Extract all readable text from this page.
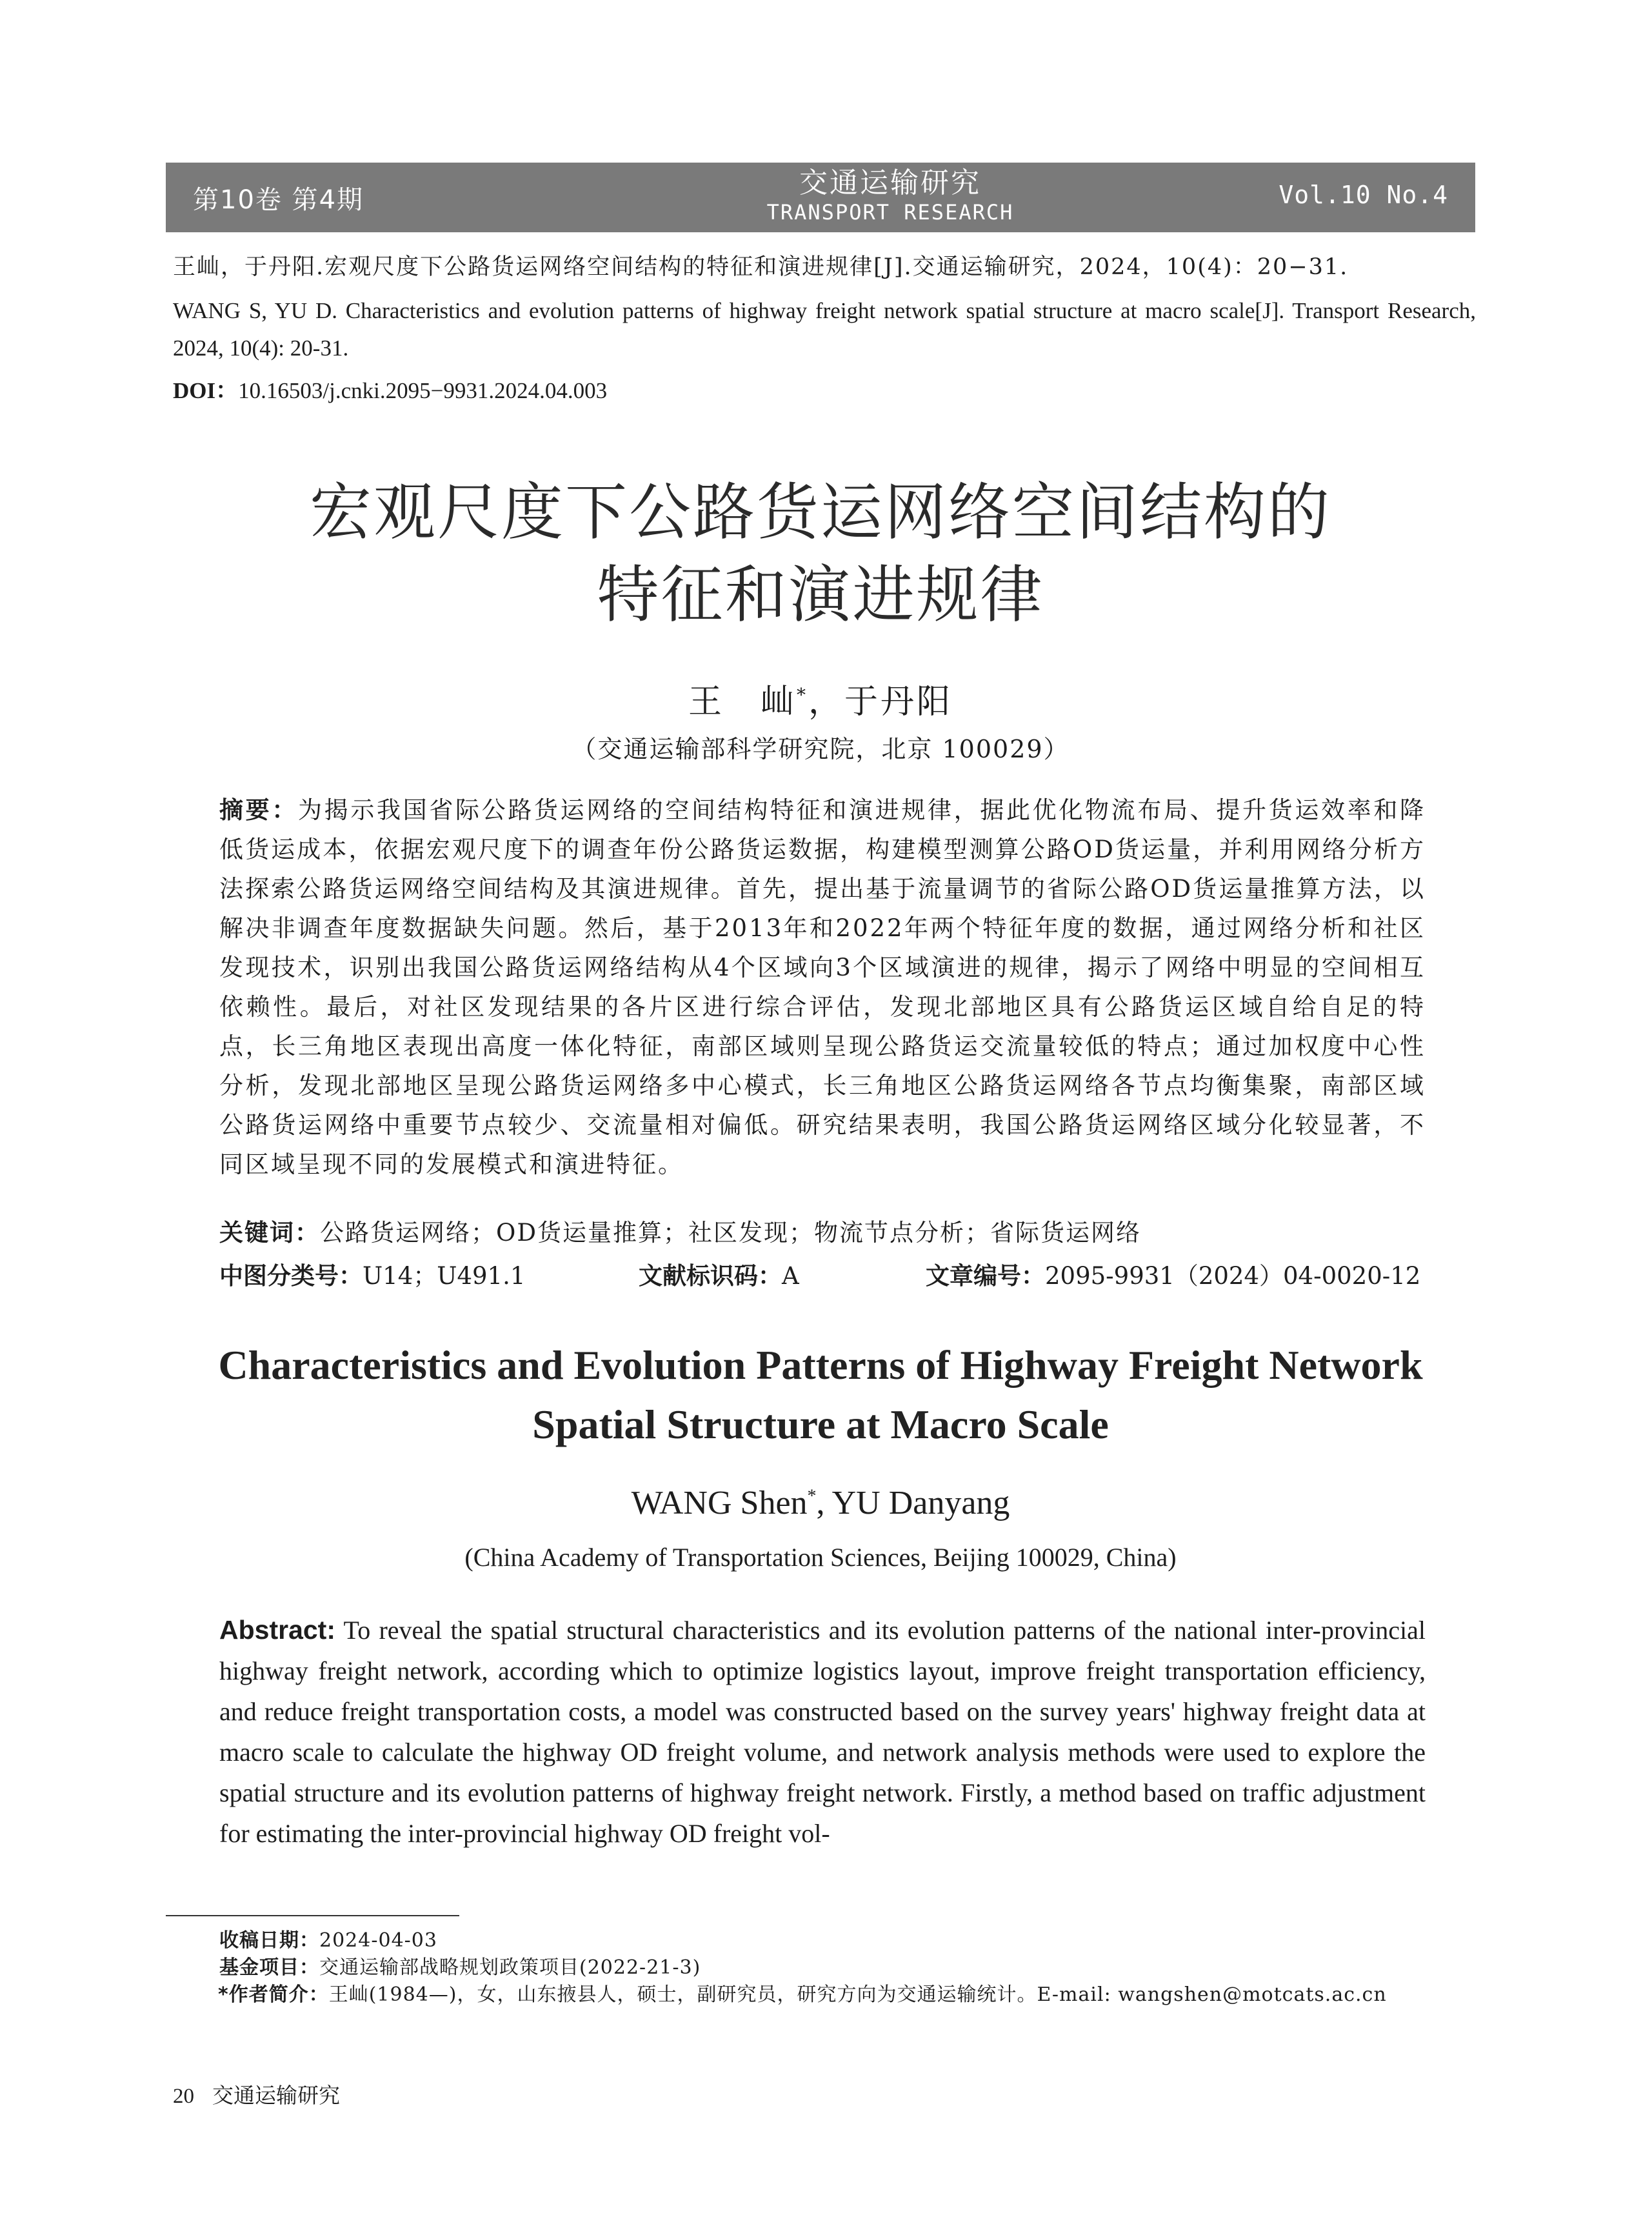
第10卷 第4期
交通运输研究
TRANSPORT RESEARCH
Vol.10 No.4
王屾，于丹阳.宏观尺度下公路货运网络空间结构的特征和演进规律[J].交通运输研究，2024，10(4)：20−31.
WANG S, YU D. Characteristics and evolution patterns of highway freight network spatial structure at macro scale[J]. Transport Research, 2024, 10(4): 20-31.
DOI：10.16503/j.cnki.2095−9931.2024.04.003
宏观尺度下公路货运网络空间结构的
特征和演进规律
王　屾*，于丹阳
（交通运输部科学研究院，北京 100029）
摘要：为揭示我国省际公路货运网络的空间结构特征和演进规律，据此优化物流布局、提升货运效率和降低货运成本，依据宏观尺度下的调查年份公路货运数据，构建模型测算公路OD货运量，并利用网络分析方法探索公路货运网络空间结构及其演进规律。首先，提出基于流量调节的省际公路OD货运量推算方法，以解决非调查年度数据缺失问题。然后，基于2013年和2022年两个特征年度的数据，通过网络分析和社区发现技术，识别出我国公路货运网络结构从4个区域向3个区域演进的规律，揭示了网络中明显的空间相互依赖性。最后，对社区发现结果的各片区进行综合评估，发现北部地区具有公路货运区域自给自足的特点，长三角地区表现出高度一体化特征，南部区域则呈现公路货运交流量较低的特点；通过加权度中心性分析，发现北部地区呈现公路货运网络多中心模式，长三角地区公路货运网络各节点均衡集聚，南部区域公路货运网络中重要节点较少、交流量相对偏低。研究结果表明，我国公路货运网络区域分化较显著，不同区域呈现不同的发展模式和演进特征。
关键词：公路货运网络；OD货运量推算；社区发现；物流节点分析；省际货运网络
中图分类号：U14；U491.1	文献标识码：A	文章编号：2095-9931（2024）04-0020-12
Characteristics and Evolution Patterns of Highway Freight Network
Spatial Structure at Macro Scale
WANG Shen*, YU Danyang
(China Academy of Transportation Sciences, Beijing 100029, China)
Abstract: To reveal the spatial structural characteristics and its evolution patterns of the national inter-provincial highway freight network, according which to optimize logistics layout, improve freight transportation efficiency, and reduce freight transportation costs, a model was constructed based on the survey years' highway freight data at macro scale to calculate the highway OD freight volume, and network analysis methods were used to explore the spatial structure and its evolution patterns of highway freight network. Firstly, a method based on traffic adjustment for estimating the inter-provincial highway OD freight vol-
收稿日期：2024-04-03
基金项目：交通运输部战略规划政策项目(2022-21-3)
*作者简介：王屾(1984—)，女，山东掖县人，硕士，副研究员，研究方向为交通运输统计。E-mail: wangshen@motcats.ac.cn
20 交通运输研究
